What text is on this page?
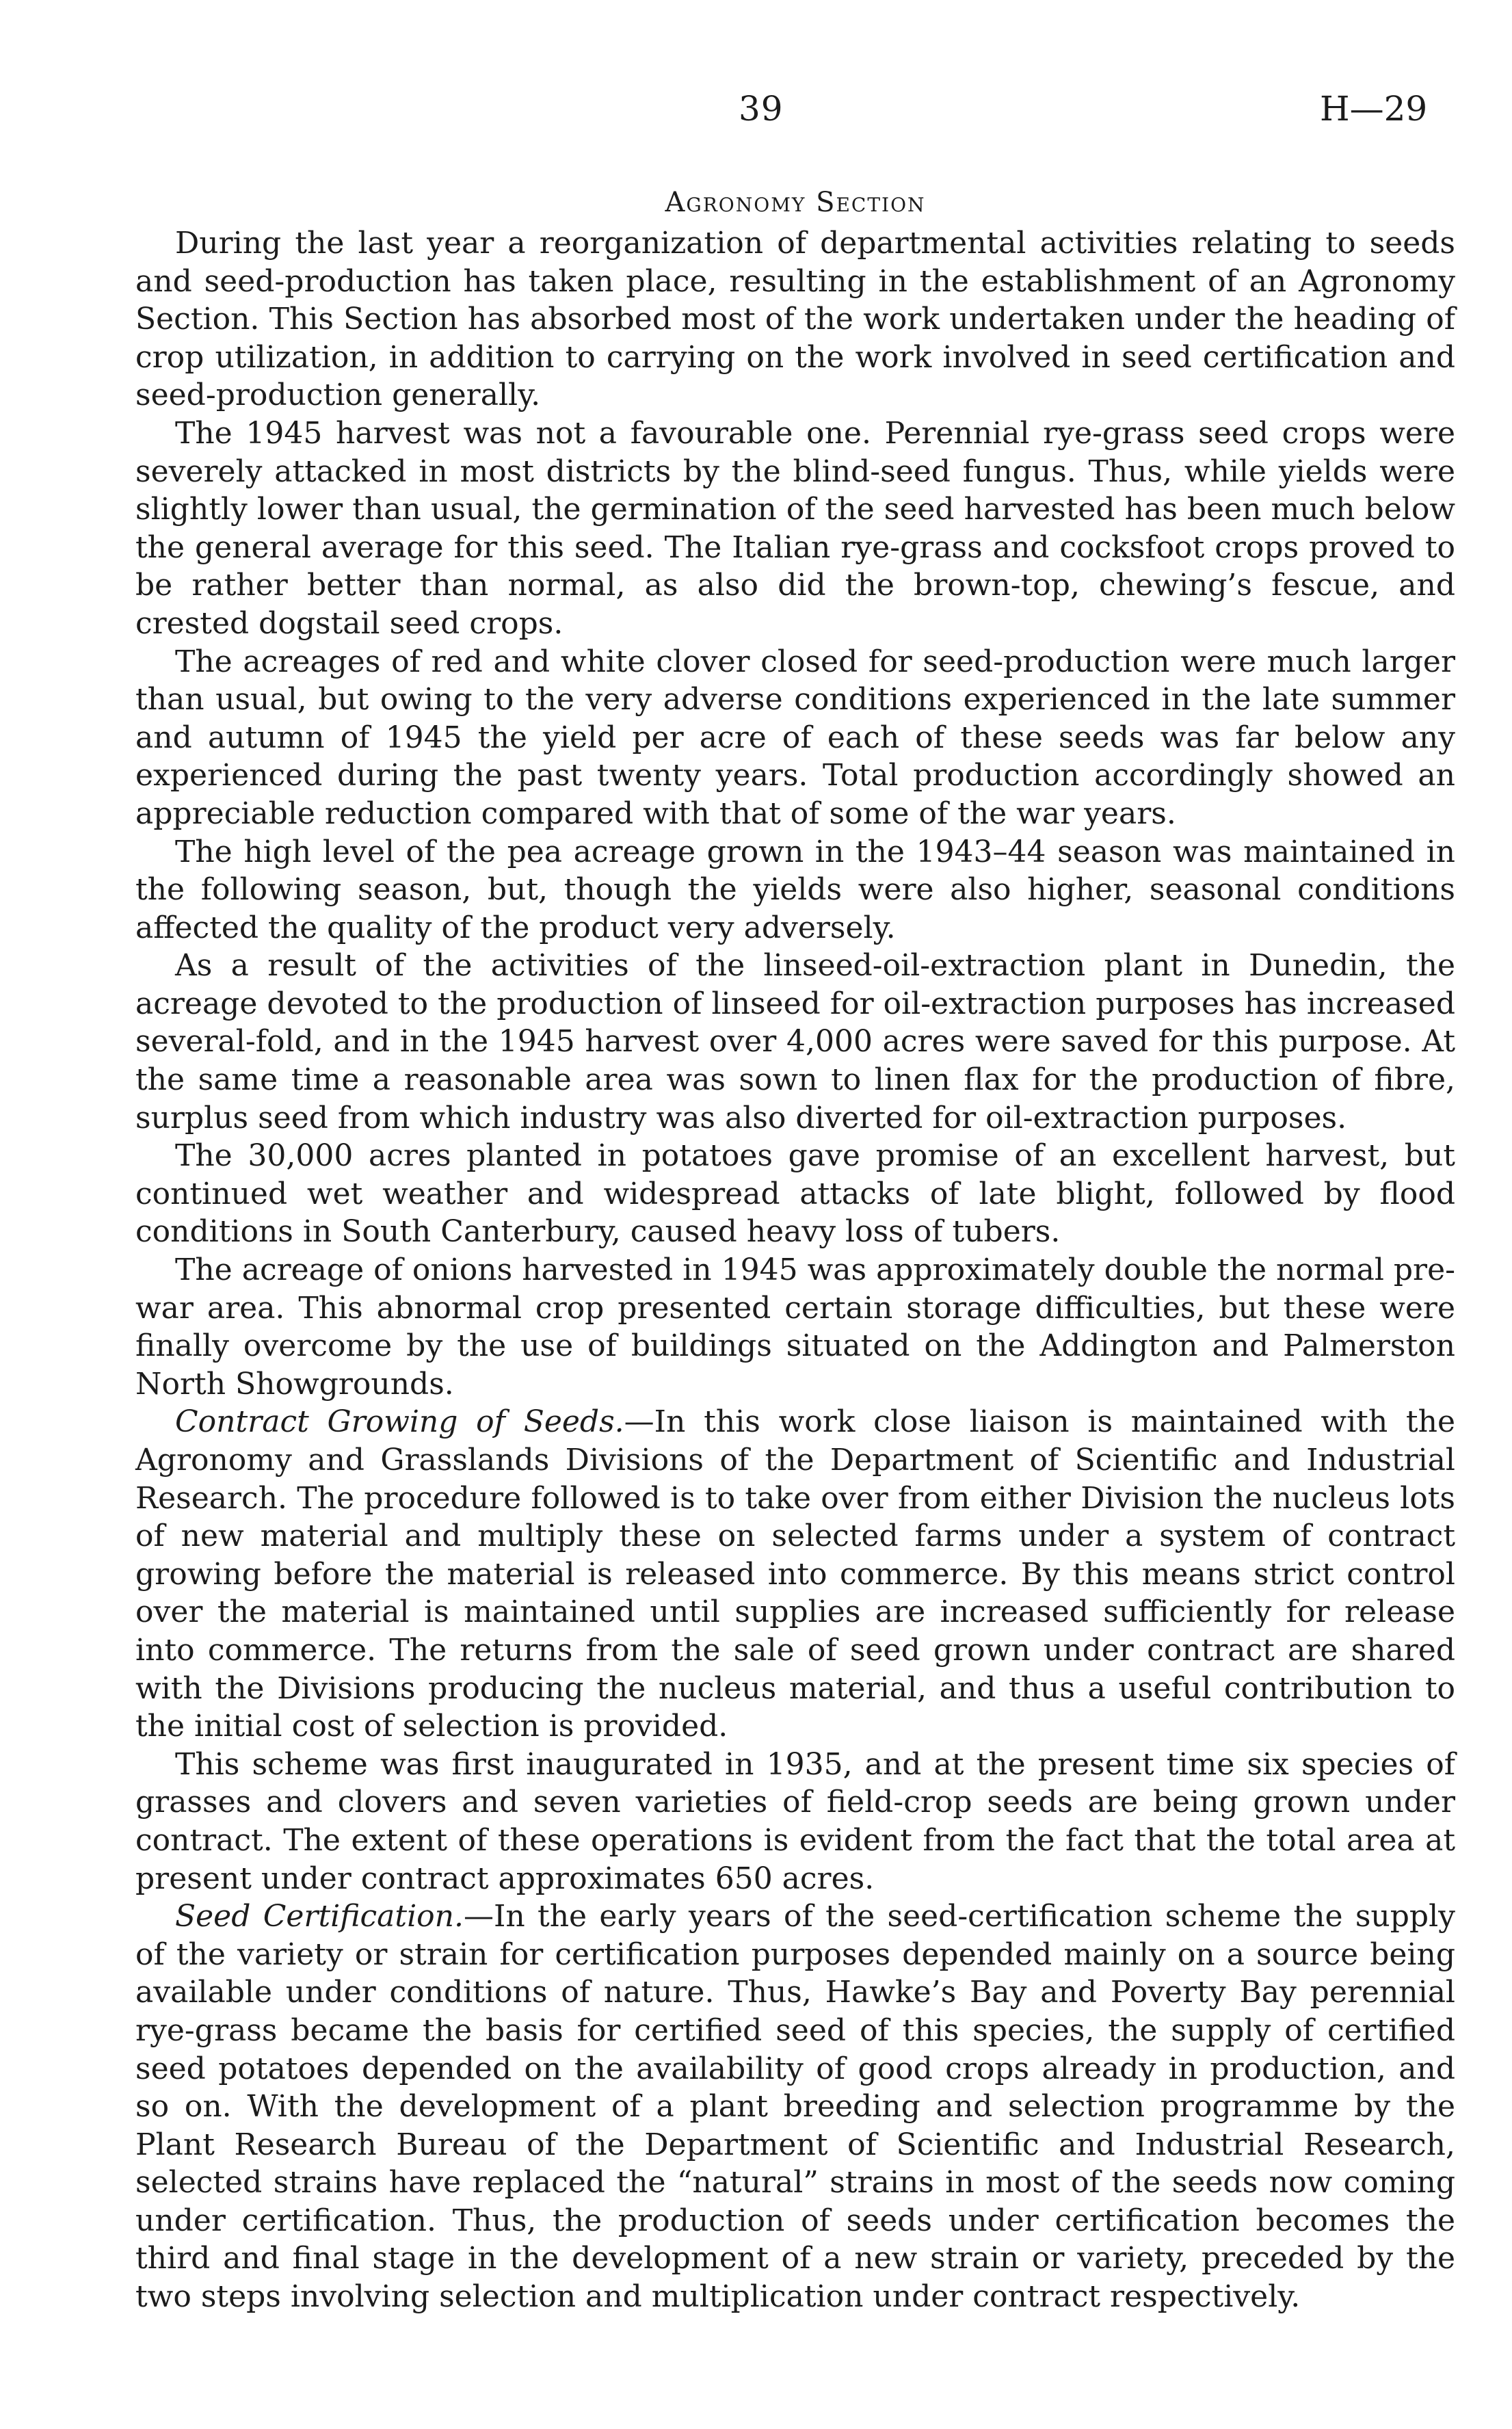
39	H—29
Agronomy Section

During the last year a reorganization of departmental activities relating to seeds and seed-production has taken place, resulting in the establishment of an Agronomy Section. This Section has absorbed most of the work undertaken under the heading of crop utilization, in addition to carrying on the work involved in seed certification and seed-production generally.

The 1945 harvest was not a favourable one. Perennial rye-grass seed crops were severely attacked in most districts by the blind-seed fungus. Thus, while yields were slightly lower than usual, the germination of the seed harvested has been much below the general average for this seed. The Italian rye-grass and cocksfoot crops proved to be rather better than normal, as also did the brown-top, chewing’s fescue, and crested dogstail seed crops.

The acreages of red and white clover closed for seed-production were much larger than usual, but owing to the very adverse conditions experienced in the late summer and autumn of 1945 the yield per acre of each of these seeds was far below any experienced during the past twenty years. Total production accordingly showed an appreciable reduction compared with that of some of the war years.

The high level of the pea acreage grown in the 1943–44 season was maintained in the following season, but, though the yields were also higher, seasonal conditions affected the quality of the product very adversely.

As a result of the activities of the linseed-oil-extraction plant in Dunedin, the acreage devoted to the production of linseed for oil-extraction purposes has increased several-fold, and in the 1945 harvest over 4,000 acres were saved for this purpose. At the same time a reasonable area was sown to linen flax for the production of fibre, surplus seed from which industry was also diverted for oil-extraction purposes.

The 30,000 acres planted in potatoes gave promise of an excellent harvest, but continued wet weather and widespread attacks of late blight, followed by flood conditions in South Canterbury, caused heavy loss of tubers.

The acreage of onions harvested in 1945 was approximately double the normal pre-war area. This abnormal crop presented certain storage difficulties, but these were finally overcome by the use of buildings situated on the Addington and Palmerston North Showgrounds.

Contract Growing of Seeds.—In this work close liaison is maintained with the Agronomy and Grasslands Divisions of the Department of Scientific and Industrial Research. The procedure followed is to take over from either Division the nucleus lots of new material and multiply these on selected farms under a system of contract growing before the material is released into commerce. By this means strict control over the material is maintained until supplies are increased sufficiently for release into commerce. The returns from the sale of seed grown under contract are shared with the Divisions producing the nucleus material, and thus a useful contribution to the initial cost of selection is provided.

This scheme was first inaugurated in 1935, and at the present time six species of grasses and clovers and seven varieties of field-crop seeds are being grown under contract. The extent of these operations is evident from the fact that the total area at present under contract approximates 650 acres.

Seed Certification.—In the early years of the seed-certification scheme the supply of the variety or strain for certification purposes depended mainly on a source being available under conditions of nature. Thus, Hawke’s Bay and Poverty Bay perennial rye-grass became the basis for certified seed of this species, the supply of certified seed potatoes depended on the availability of good crops already in production, and so on. With the development of a plant breeding and selection programme by the Plant Research Bureau of the Department of Scientific and Industrial Research, selected strains have replaced the “natural” strains in most of the seeds now coming under certification. Thus, the production of seeds under certification becomes the third and final stage in the development of a new strain or variety, preceded by the two steps involving selection and multiplication under contract respectively.
